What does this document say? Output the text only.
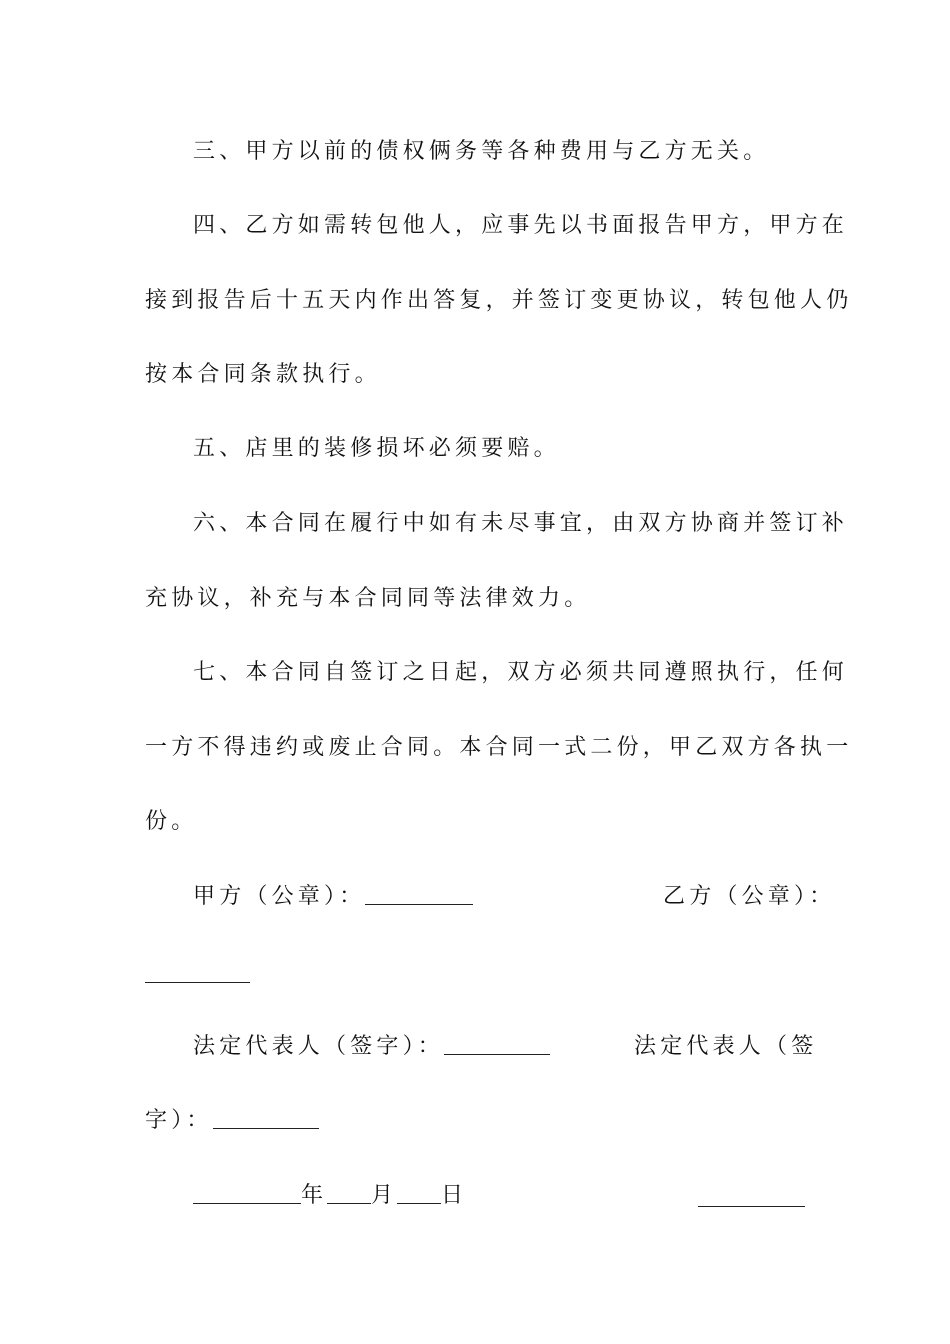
三、甲方以前的债权俩务等各种费用与乙方无关。
四、乙方如需转包他人，应事先以书面报告甲方，甲方在
接到报告后十五天内作出答复，并签订变更协议，转包他人仍
按本合同条款执行。
五、店里的装修损坏必须要赔。
六、本合同在履行中如有未尽事宜，由双方协商并签订补
充协议，补充与本合同同等法律效力。
七、本合同自签订之日起，双方必须共同遵照执行，任何
一方不得违约或废止合同。本合同一式二份，甲乙双方各执一
份。
甲方（公章）：	乙方（公章）：
法定代表人（签字）：	法定代表人（签
字）：
年 月 日
